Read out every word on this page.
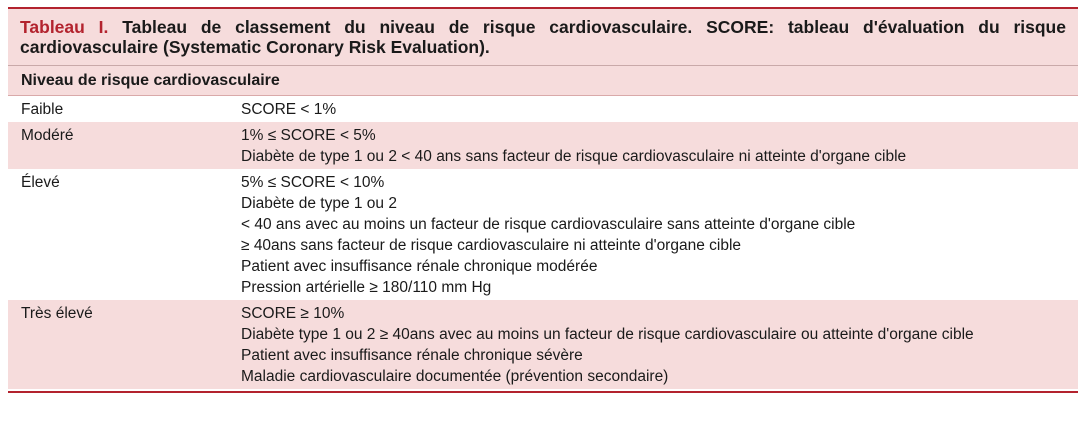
Tableau I. Tableau de classement du niveau de risque cardiovasculaire. SCORE: tableau d'évaluation du risque cardiovasculaire (Systematic Coronary Risk Evaluation).
Niveau de risque cardiovasculaire
Faible	SCORE < 1%
Modéré	1% ≤ SCORE < 5%
Diabète de type 1 ou 2 < 40 ans sans facteur de risque cardiovasculaire ni atteinte d'organe cible
Élevé	5% ≤ SCORE < 10%
Diabète de type 1 ou 2
< 40 ans avec au moins un facteur de risque cardiovasculaire sans atteinte d'organe cible
≥ 40ans sans facteur de risque cardiovasculaire ni atteinte d'organe cible
Patient avec insuffisance rénale chronique modérée
Pression artérielle ≥ 180/110 mm Hg
Très élevé	SCORE ≥ 10%
Diabète type 1 ou 2 ≥ 40ans avec au moins un facteur de risque cardiovasculaire ou atteinte d'organe cible
Patient avec insuffisance rénale chronique sévère
Maladie cardiovasculaire documentée (prévention secondaire)
